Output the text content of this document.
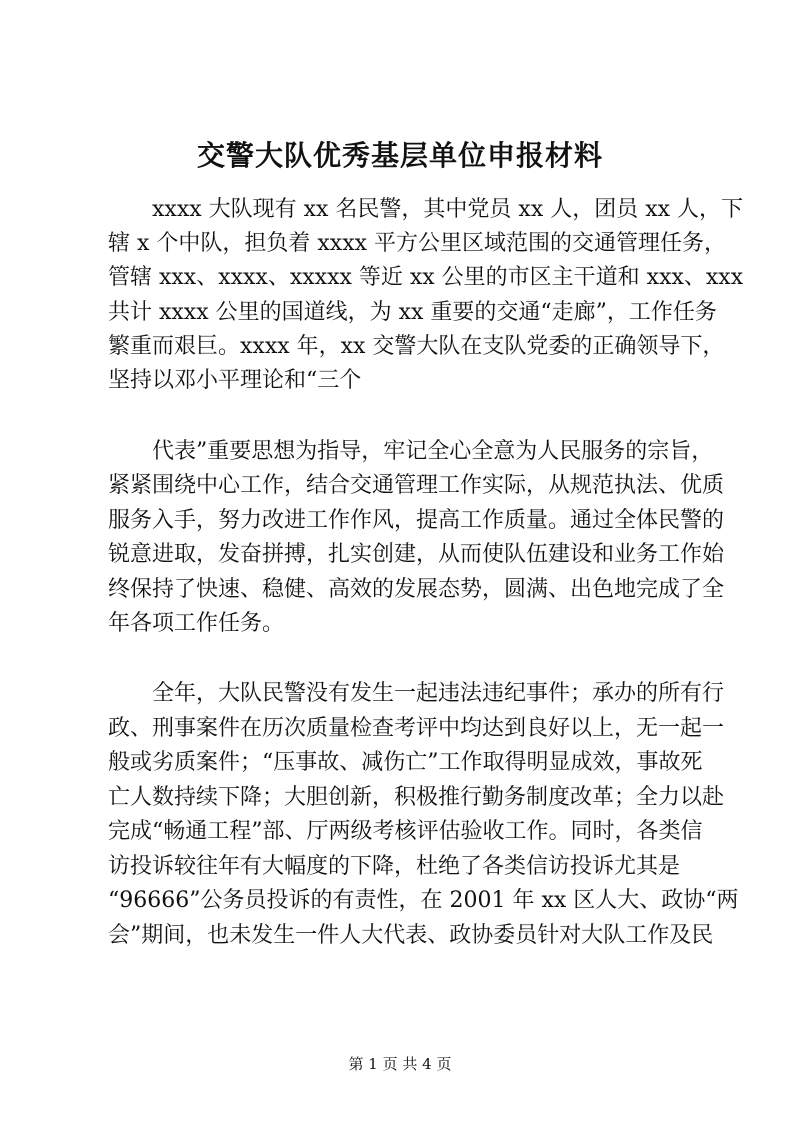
交警大队优秀基层单位申报材料
　　xxxx 大队现有 xx 名民警，其中党员 xx 人，团员 xx 人，下
辖 x 个中队，担负着 xxxx 平方公里区域范围的交通管理任务，
管辖 xxx、xxxx、xxxxx 等近 xx 公里的市区主干道和 xxx、xxx
共计 xxxx 公里的国道线，为 xx 重要的交通“走廊”，工作任务
繁重而艰巨。xxxx 年，xx 交警大队在支队党委的正确领导下，
坚持以邓小平理论和“三个
　　代表”重要思想为指导，牢记全心全意为人民服务的宗旨，
紧紧围绕中心工作，结合交通管理工作实际，从规范执法、优质
服务入手，努力改进工作作风，提高工作质量。通过全体民警的
锐意进取，发奋拼搏，扎实创建，从而使队伍建设和业务工作始
终保持了快速、稳健、高效的发展态势，圆满、出色地完成了全
年各项工作任务。
　　全年，大队民警没有发生一起违法违纪事件；承办的所有行
政、刑事案件在历次质量检查考评中均达到良好以上，无一起一
般或劣质案件；“压事故、减伤亡”工作取得明显成效，事故死
亡人数持续下降；大胆创新，积极推行勤务制度改革；全力以赴
完成“畅通工程”部、厅两级考核评估验收工作。同时，各类信
访投诉较往年有大幅度的下降，杜绝了各类信访投诉尤其是
“96666”公务员投诉的有责性，在 2001 年 xx 区人大、政协“两
会”期间，也未发生一件人大代表、政协委员针对大队工作及民
第 1 页 共 4 页
